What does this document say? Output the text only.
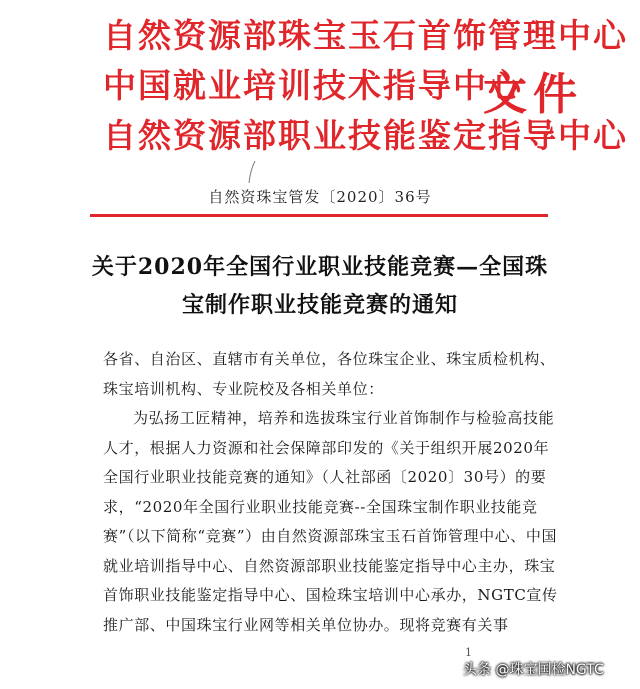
自然资源部珠宝玉石首饰管理中心
中国就业培训技术指导中心
自然资源部职业技能鉴定指导中心
文件
自然资珠宝管发〔2020〕36号
关于2020年全国行业职业技能竞赛—全国珠
宝制作职业技能竞赛的通知

各省、自治区、直辖市有关单位，各位珠宝企业、珠宝质检机构、珠宝培训机构、专业院校及各相关单位：

为弘扬工匠精神，培养和选拔珠宝行业首饰制作与检验高技能人才，根据人力资源和社会保障部印发的《关于组织开展2020年全国行业职业技能竞赛的通知》（人社部函〔2020〕30号）的要求，“2020年全国行业职业技能竞赛--全国珠宝制作职业技能竞赛”（以下简称“竞赛”）由自然资源部珠宝玉石首饰管理中心、中国就业培训指导中心、自然资源部职业技能鉴定指导中心主办，珠宝首饰职业技能鉴定指导中心、国检珠宝培训中心承办，NGTC宣传推广部、中国珠宝行业网等相关单位协办。现将竞赛有关事

1
头条 @珠宝国检NGTC
